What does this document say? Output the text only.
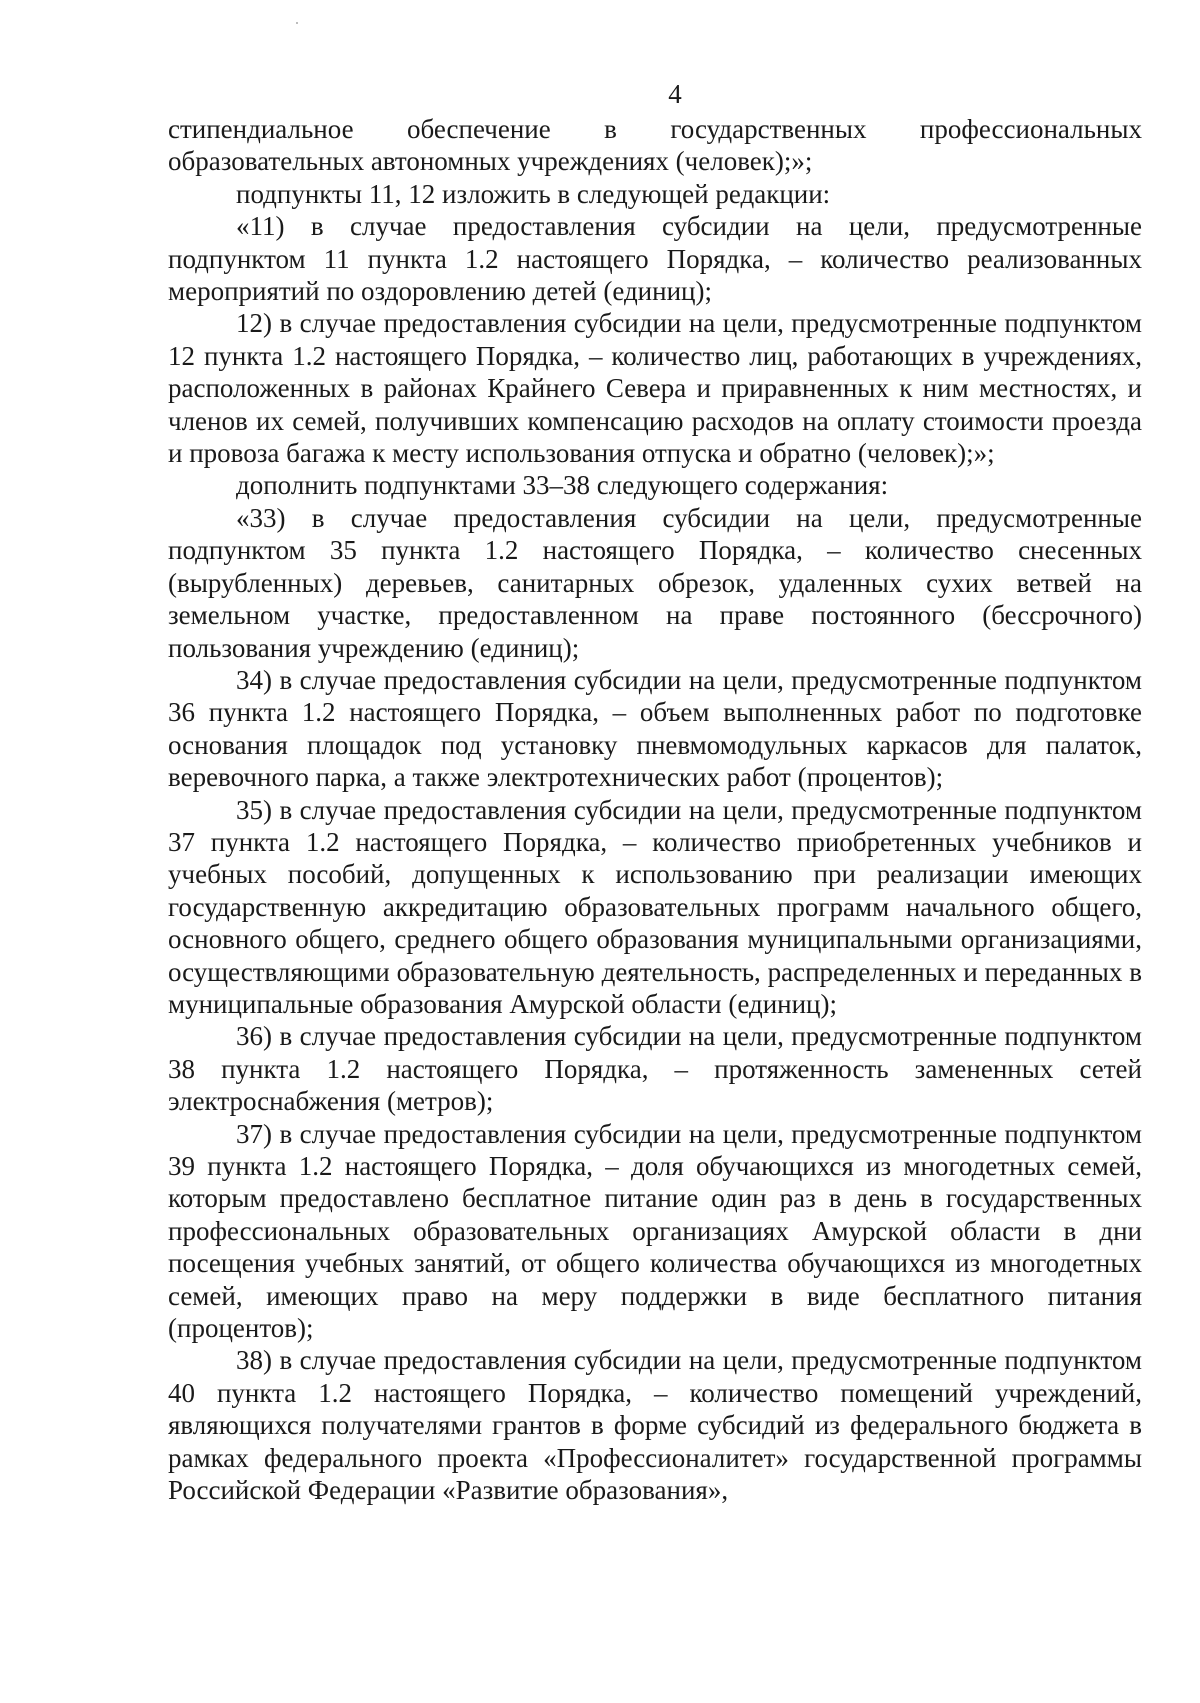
4

стипендиальное обеспечение в государственных профессиональных образовательных автономных учреждениях (человек);»;

подпункты 11, 12 изложить в следующей редакции:

«11) в случае предоставления субсидии на цели, предусмотренные подпунктом 11 пункта 1.2 настоящего Порядка, – количество реализованных мероприятий по оздоровлению детей (единиц);

12) в случае предоставления субсидии на цели, предусмотренные подпунктом 12 пункта 1.2 настоящего Порядка, – количество лиц, работающих в учреждениях, расположенных в районах Крайнего Севера и приравненных к ним местностях, и членов их семей, получивших компенсацию расходов на оплату стоимости проезда и провоза багажа к месту использования отпуска и обратно (человек);»;

дополнить подпунктами 33–38 следующего содержания:

«33) в случае предоставления субсидии на цели, предусмотренные подпунктом 35 пункта 1.2 настоящего Порядка, – количество снесенных (вырубленных) деревьев, санитарных обрезок, удаленных сухих ветвей на земельном участке, предоставленном на праве постоянного (бессрочного) пользования учреждению (единиц);

34) в случае предоставления субсидии на цели, предусмотренные подпунктом 36 пункта 1.2 настоящего Порядка, – объем выполненных работ по подготовке основания площадок под установку пневмомодульных каркасов для палаток, веревочного парка, а также электротехнических работ (процентов);

35) в случае предоставления субсидии на цели, предусмотренные подпунктом 37 пункта 1.2 настоящего Порядка, – количество приобретенных учебников и учебных пособий, допущенных к использованию при реализации имеющих государственную аккредитацию образовательных программ начального общего, основного общего, среднего общего образования муниципальными организациями, осуществляющими образовательную деятельность, распределенных и переданных в муниципальные образования Амурской области (единиц);

36) в случае предоставления субсидии на цели, предусмотренные подпунктом 38 пункта 1.2 настоящего Порядка, – протяженность замененных сетей электроснабжения (метров);

37) в случае предоставления субсидии на цели, предусмотренные подпунктом 39 пункта 1.2 настоящего Порядка, – доля обучающихся из многодетных семей, которым предоставлено бесплатное питание один раз в день в государственных профессиональных образовательных организациях Амурской области в дни посещения учебных занятий, от общего количества обучающихся из многодетных семей, имеющих право на меру поддержки в виде бесплатного питания (процентов);

38) в случае предоставления субсидии на цели, предусмотренные подпунктом 40 пункта 1.2 настоящего Порядка, – количество помещений учреждений, являющихся получателями грантов в форме субсидий из федерального бюджета в рамках федерального проекта «Профессионалитет» государственной программы Российской Федерации «Развитие образования»,
